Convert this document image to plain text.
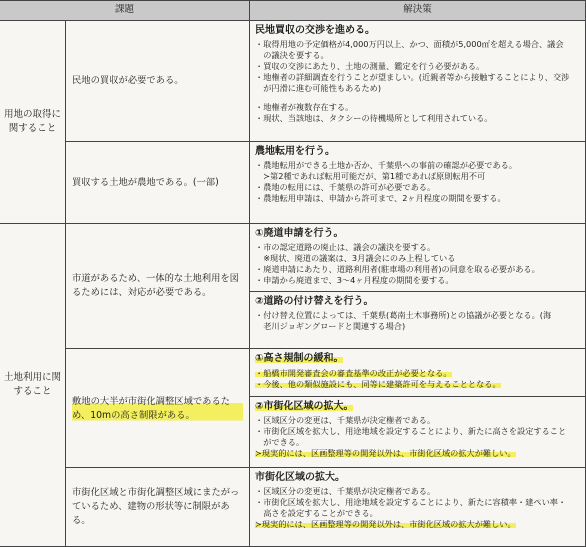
課題	解決策
用地の取得に関すること
土地利用に関すること
民地の買収が必要である。
民地買収の交渉を進める。
・取得用地の予定価格が4,000万円以上、かつ、面積が5,000㎡を超える場合、議会
　の議決を要する。
・買収の交渉にあたり、土地の測量、鑑定を行う必要がある。
・地権者の詳細調査を行うことが望ましい。(近親者等から接触することにより、交渉
　が円滑に進む可能性もあるため)
・地権者が複数存在する。
・現状、当該地は、タクシーの待機場所として利用されている。
買収する土地が農地である。(一部)
農地転用を行う。
・農地転用ができる土地か否か、千葉県への事前の確認が必要である。
　≻第2種であれば転用可能だが、第1種であれば原則転用不可
・農地の転用には、千葉県の許可が必要である。
・農地転用申請は、申請から許可まで、2ヶ月程度の期間を要する。
市道があるため、一体的な土地利用を図るためには、対応が必要である。
敷地の大半が市街化調整区域であるため、10mの高さ制限がある。
①廃道申請を行う。
・市の認定道路の廃止は、議会の議決を要する。
　※現状、廃道の議案は、3月議会にのみ上程している
・廃道申請にあたり、道路利用者(駐車場の利用者)の同意を取る必要がある。
・申請から廃道まで、3～4ヶ月程度の期間を要する。
②道路の付け替えを行う。
・付け替え位置によっては、千葉県(葛南土木事務所)との協議が必要となる。(海
　老川ジョギングロードと関連する場合)
①高さ規制の緩和。
・船橋市開発審査会の審査基準の改正が必要となる。
・今後、他の類似施設にも、同等に建築許可を与えることとなる。
②市街化区域の拡大。
・区域区分の変更は、千葉県が決定権者である。
・市街化区域を拡大し、用途地域を設定することにより、新たに高さを設定すること
　ができる。
≻現実的には、区画整理等の開発以外は、市街化区域の拡大が難しい。
市街化区域と市街化調整区域にまたがっているため、建物の形状等に制限がある。
市街化区域の拡大。
・区域区分の変更は、千葉県が決定権者である。
・市街化区域を拡大し、用途地域を設定することにより、新たに容積率・建ぺい率・
　高さを設定することができる。
≻現実的には、区画整理等の開発以外は、市街化区域の拡大が難しい。
